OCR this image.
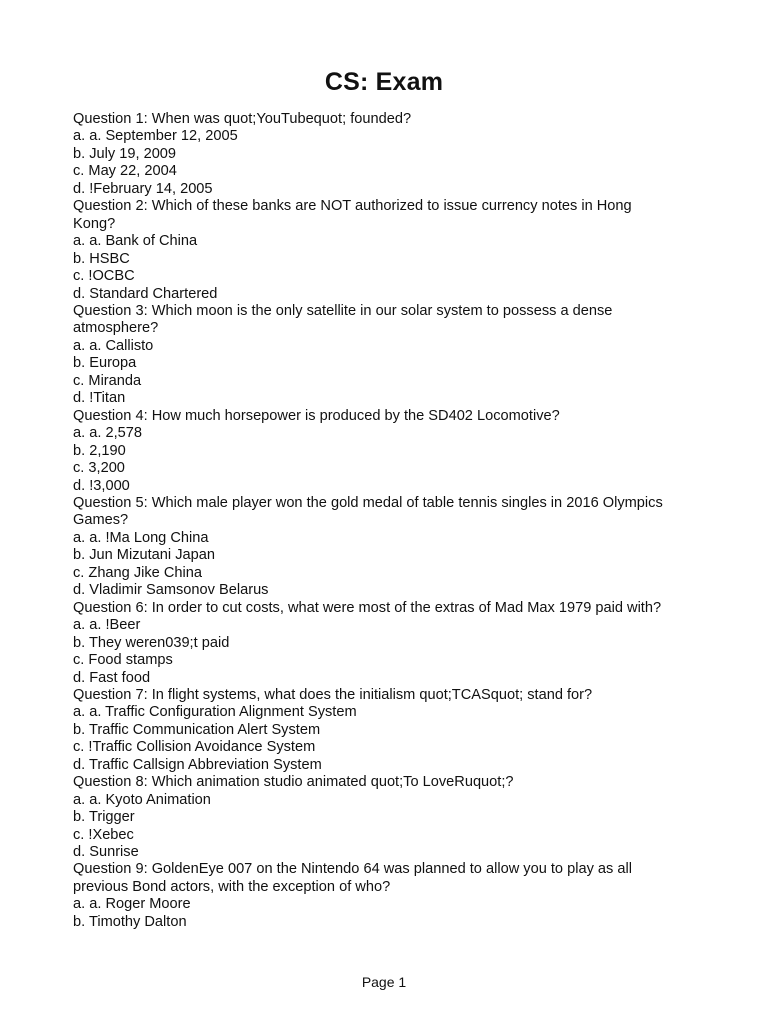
CS: Exam
Question 1: When was quot;YouTubequot; founded?
a. a. September 12, 2005
b. July 19, 2009
c. May 22, 2004
d. !February 14, 2005
Question 2: Which of these banks are NOT authorized to issue currency notes in Hong Kong?
a. a. Bank of China
b. HSBC
c. !OCBC
d. Standard Chartered
Question 3: Which moon is the only satellite in our solar system to possess a dense atmosphere?
a. a. Callisto
b. Europa
c. Miranda
d. !Titan
Question 4: How much horsepower is produced by the SD402 Locomotive?
a. a. 2,578
b. 2,190
c. 3,200
d. !3,000
Question 5: Which male player won the gold medal of table tennis singles in 2016 Olympics Games?
a. a. !Ma Long China
b. Jun Mizutani Japan
c. Zhang Jike China
d. Vladimir Samsonov Belarus
Question 6: In order to cut costs, what were most of the extras of Mad Max 1979 paid with?
a. a. !Beer
b. They weren039;t paid
c. Food stamps
d. Fast food
Question 7: In flight systems, what does the initialism quot;TCASquot; stand for?
a. a. Traffic Configuration Alignment System
b. Traffic Communication Alert System
c. !Traffic Collision Avoidance System
d. Traffic Callsign Abbreviation System
Question 8: Which animation studio animated quot;To LoveRuquot;?
a. a. Kyoto Animation
b. Trigger
c. !Xebec
d. Sunrise
Question 9: GoldenEye 007 on the Nintendo 64 was planned to allow you to play as all previous Bond actors, with the exception of who?
a. a. Roger Moore
b. Timothy Dalton
Page 1
